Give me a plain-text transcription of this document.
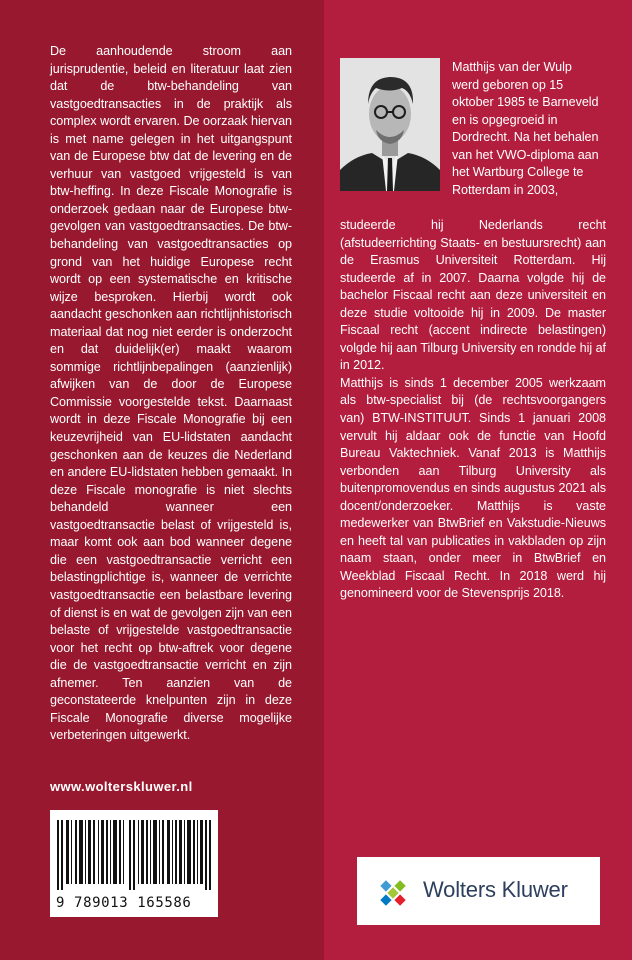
De aanhoudende stroom aan jurisprudentie, beleid en literatuur laat zien dat de btw-behandeling van vastgoedtransacties in de praktijk als complex wordt ervaren. De oorzaak hiervan is met name gelegen in het uitgangspunt van de Europese btw dat de levering en de verhuur van vastgoed vrijgesteld is van btw-heffing. In deze Fiscale Monografie is onderzoek gedaan naar de Europese btw-gevolgen van vastgoedtransacties. De btw-behandeling van vastgoedtransacties op grond van het huidige Europese recht wordt op een systematische en kritische wijze besproken. Hierbij wordt ook aandacht geschonken aan richtlijnhistorisch materiaal dat nog niet eerder is onderzocht en dat duidelijk(er) maakt waarom sommige richtlijnbepalingen (aanzienlijk) afwijken van de door de Europese Commissie voorgestelde tekst. Daarnaast wordt in deze Fiscale Monografie bij een keuzevrijheid van EU-lidstaten aandacht geschonken aan de keuzes die Nederland en andere EU-lidstaten hebben gemaakt. In deze Fiscale monografie is niet slechts behandeld wanneer een vastgoedtransactie belast of vrijgesteld is, maar komt ook aan bod wanneer degene die een vastgoedtransactie verricht een belastingplichtige is, wanneer de verrichte vastgoedtransactie een belastbare levering of dienst is en wat de gevolgen zijn van een belaste of vrijgestelde vastgoedtransactie voor het recht op btw-aftrek voor degene die de vastgoedtransactie verricht en zijn afnemer. Ten aanzien van de geconstateerde knelpunten zijn in deze Fiscale Monografie diverse mogelijke verbeteringen uitgewerkt.

Matthijs van der Wulp werd geboren op 15 oktober 1985 te Barneveld en is opgegroeid in Dordrecht. Na het behalen van het VWO-diploma aan het Wartburg College te Rotterdam in 2003,

studeerde hij Nederlands recht (afstudeerrichting Staats- en bestuursrecht) aan de Erasmus Universiteit Rotterdam. Hij studeerde af in 2007. Daarna volgde hij de bachelor Fiscaal recht aan deze universiteit en deze studie voltooide hij in 2009. De master Fiscaal recht (accent indirecte belastingen) volgde hij aan Tilburg University en rondde hij af in 2012.

Matthijs is sinds 1 december 2005 werkzaam als btw-specialist bij (de rechtsvoorgangers van) BTW-INSTITUUT. Sinds 1 januari 2008 vervult hij aldaar ook de functie van Hoofd Bureau Vaktechniek. Vanaf 2013 is Matthijs verbonden aan Tilburg University als buitenpromovendus en sinds augustus 2021 als docent/onderzoeker. Matthijs is vaste medewerker van BtwBrief en Vakstudie-Nieuws en heeft tal van publicaties in vakbladen op zijn naam staan, onder meer in BtwBrief en Weekblad Fiscaal Recht. In 2018 werd hij genomineerd voor de Stevensprijs 2018.

www.wolterskluwer.nl
9 789013 165586
Wolters Kluwer
